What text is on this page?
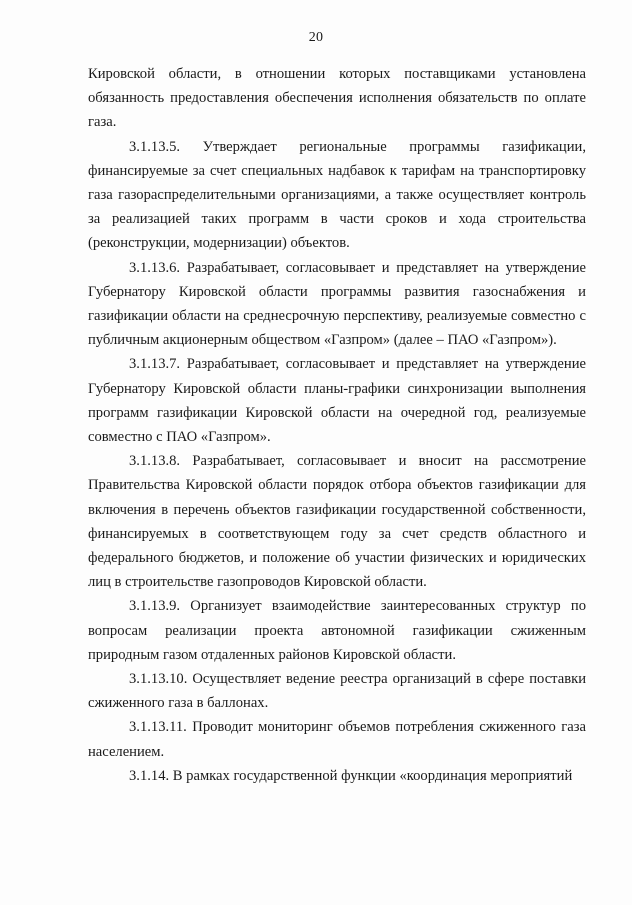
20

Кировской области, в отношении которых поставщиками установлена обязанность предоставления обеспечения исполнения обязательств по оплате газа.

3.1.13.5. Утверждает региональные программы газификации, финансируемые за счет специальных надбавок к тарифам на транспортировку газа газораспределительными организациями, а также осуществляет контроль за реализацией таких программ в части сроков и хода строительства (реконструкции, модернизации) объектов.

3.1.13.6. Разрабатывает, согласовывает и представляет на утверждение Губернатору Кировской области программы развития газоснабжения и газификации области на среднесрочную перспективу, реализуемые совместно с публичным акционерным обществом «Газпром» (далее – ПАО «Газпром»).

3.1.13.7. Разрабатывает, согласовывает и представляет на утверждение Губернатору Кировской области планы-графики синхронизации выполнения программ газификации Кировской области на очередной год, реализуемые совместно с ПАО «Газпром».

3.1.13.8. Разрабатывает, согласовывает и вносит на рассмотрение Правительства Кировской области порядок отбора объектов газификации для включения в перечень объектов газификации государственной собственности, финансируемых в соответствующем году за счет средств областного и федерального бюджетов, и положение об участии физических и юридических лиц в строительстве газопроводов Кировской области.

3.1.13.9. Организует взаимодействие заинтересованных структур по вопросам реализации проекта автономной газификации сжиженным природным газом отдаленных районов Кировской области.

3.1.13.10. Осуществляет ведение реестра организаций в сфере поставки сжиженного газа в баллонах.

3.1.13.11. Проводит мониторинг объемов потребления сжиженного газа населением.

3.1.14. В рамках государственной функции «координация мероприятий
